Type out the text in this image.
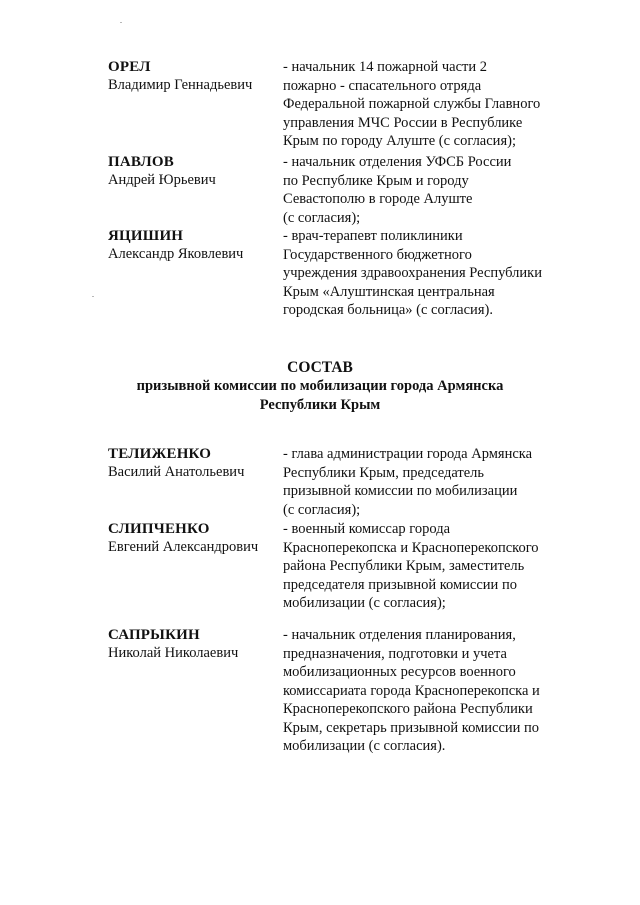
ОРЕЛ
Владимир Геннадьевич
- начальник 14 пожарной части 2
пожарно - спасательного отряда
Федеральной пожарной службы Главного
управления МЧС России в Республике
Крым по городу Алуште (с согласия);
ПАВЛОВ
Андрей Юрьевич
- начальник отделения УФСБ России
по Республике Крым и городу
Севастополю в городе Алуште
(с согласия);
ЯЦИШИН
Александр Яковлевич
- врач-терапевт поликлиники
Государственного бюджетного
учреждения здравоохранения Республики
Крым «Алуштинская центральная
городская больница» (с согласия).
СОСТАВ
призывной комиссии по мобилизации города Армянска
Республики Крым
ТЕЛИЖЕНКО
Василий Анатольевич
- глава администрации города Армянска
Республики Крым, председатель
призывной комиссии по мобилизации
(с согласия);
СЛИПЧЕНКО
Евгений Александрович
- военный комиссар города
Красноперекопска и Красноперекопского
района Республики Крым, заместитель
председателя призывной комиссии по
мобилизации (с согласия);
САПРЫКИН
Николай Николаевич
- начальник отделения планирования,
предназначения, подготовки и учета
мобилизационных ресурсов военного
комиссариата города Красноперекопска и
Красноперекопского района Республики
Крым, секретарь призывной комиссии по
мобилизации (с согласия).
